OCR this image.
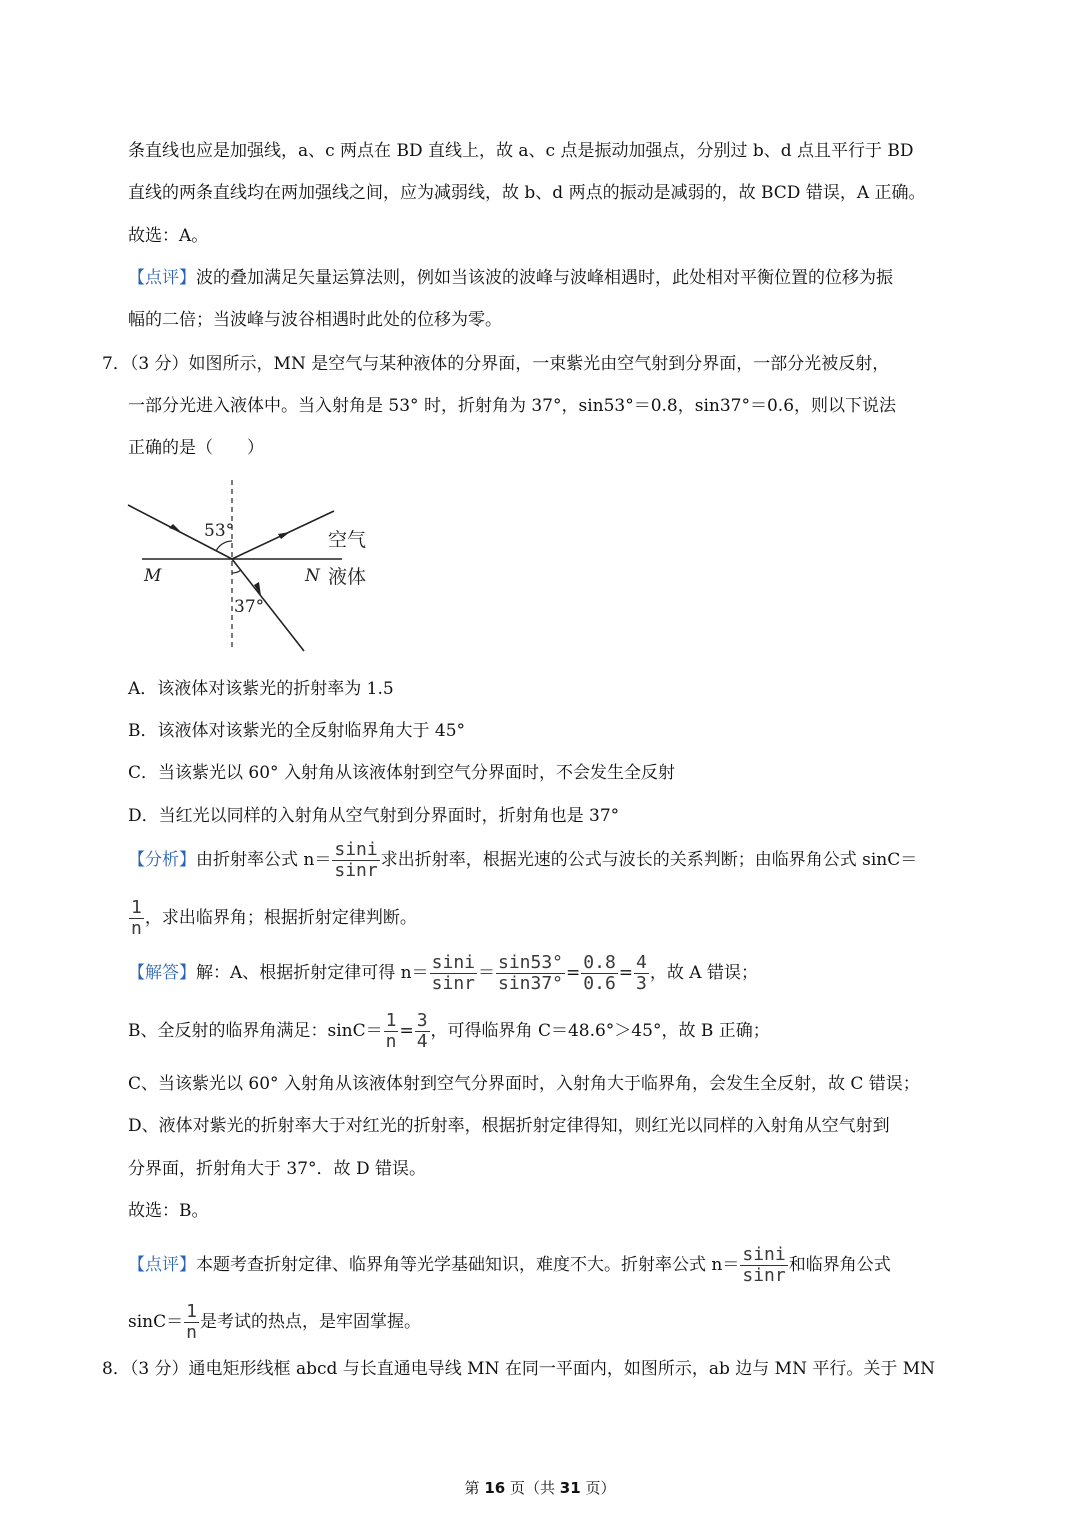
条直线也应是加强线，a、c 两点在 BD 直线上，故 a、c 点是振动加强点，分别过 b、d 点且平行于 BD
直线的两条直线均在两加强线之间，应为减弱线，故 b、d 两点的振动是减弱的，故 BCD 错误，A 正确。
故选：A。
【点评】波的叠加满足矢量运算法则，例如当该波的波峰与波峰相遇时，此处相对平衡位置的位移为振
幅的二倍；当波峰与波谷相遇时此处的位移为零。
7．（3 分）如图所示，MN 是空气与某种液体的分界面，一束紫光由空气射到分界面，一部分光被反射，
一部分光进入液体中。当入射角是 53° 时，折射角为 37°，sin53°＝0.8，sin37°＝0.6，则以下说法
正确的是（　　）
53°
37°
M	N
空气
液体
A．该液体对该紫光的折射率为 1.5
B．该液体对该紫光的全反射临界角大于 45°
C．当该紫光以 60° 入射角从该液体射到空气分界面时，不会发生全反射
D．当红光以同样的入射角从空气射到分界面时，折射角也是 37°
【分析】由折射率公式 $n= \frac{\sin i}{\sin r}$ 求出折射率，根据光速的公式与波长的关系判断；由临界角公式 sinC＝
$\frac{1}{n}$ ，求出临界角；根据折射定律判断。
【解答】解：A、根据折射定律可得 $n= \frac{\sin i}{\sin r} = \frac{\sin 53^\circ}{\sin 37^\circ} = \frac{0.8}{0.6} = \frac{4}{3}$ ，故 A 错误；
B、全反射的临界角满足：$\sin C= \frac{1}{n} = \frac{3}{4}$ ，可得临界角 C＝48.6°＞45°，故 B 正确；
C、当该紫光以 60° 入射角从该液体射到空气分界面时，入射角大于临界角，会发生全反射，故 C 错误；
D、液体对紫光的折射率大于对红光的折射率，根据折射定律得知，则红光以同样的入射角从空气射到
分界面，折射角大于 37°．故 D 错误。
故选：B。
【点评】本题考查折射定律、临界角等光学基础知识，难度不大。折射率公式 $n= \frac{\sin i}{\sin r}$ 和临界角公式
$\sin C= \frac{1}{n}$ 是考试的热点，是牢固掌握。
8．（3 分）通电矩形线框 abcd 与长直通电导线 MN 在同一平面内，如图所示，ab 边与 MN 平行。关于 MN
第 16 页（共 31 页）
